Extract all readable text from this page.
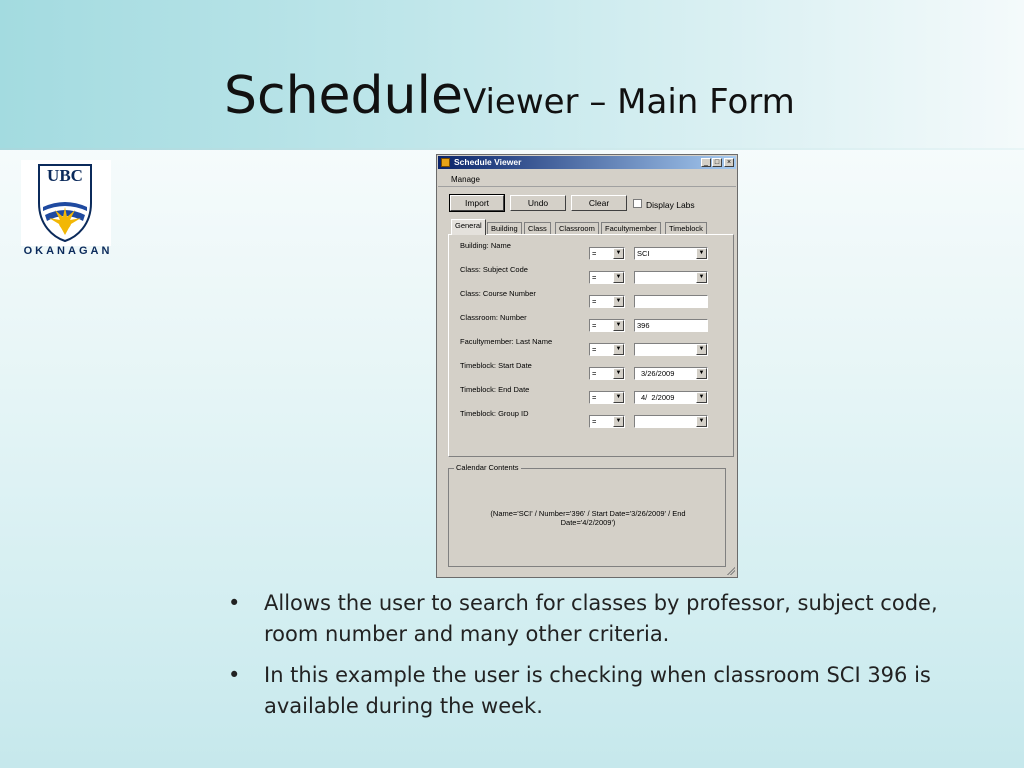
ScheduleViewer – Main Form
UBC
OKANAGAN
Schedule Viewer	_ □	×
Manage
Import	Undo	Clear	Display Labs
General	Building	Class	Classroom	Facultymember	Timeblock
Building: Name
=	▼	SCI	▼
Class: Subject Code
=	▼	▼
Class: Course Number
=	▼
Classroom: Number
=	▼	396
Facultymember: Last Name
=	▼	▼
Timeblock: Start Date
=	▼	3/26/2009	▼
Timeblock: End Date
=	▼	4/  2/2009	▼
Timeblock: Group ID
=	▼	▼
Calendar Contents
(Name='SCI' / Number='396' / Start Date='3/26/2009' / End
Date='4/2/2009')
• Allows the user to search for classes by professor, subject code, room number and many other criteria.
• In this example the user is checking when classroom SCI 396 is available during the week.
